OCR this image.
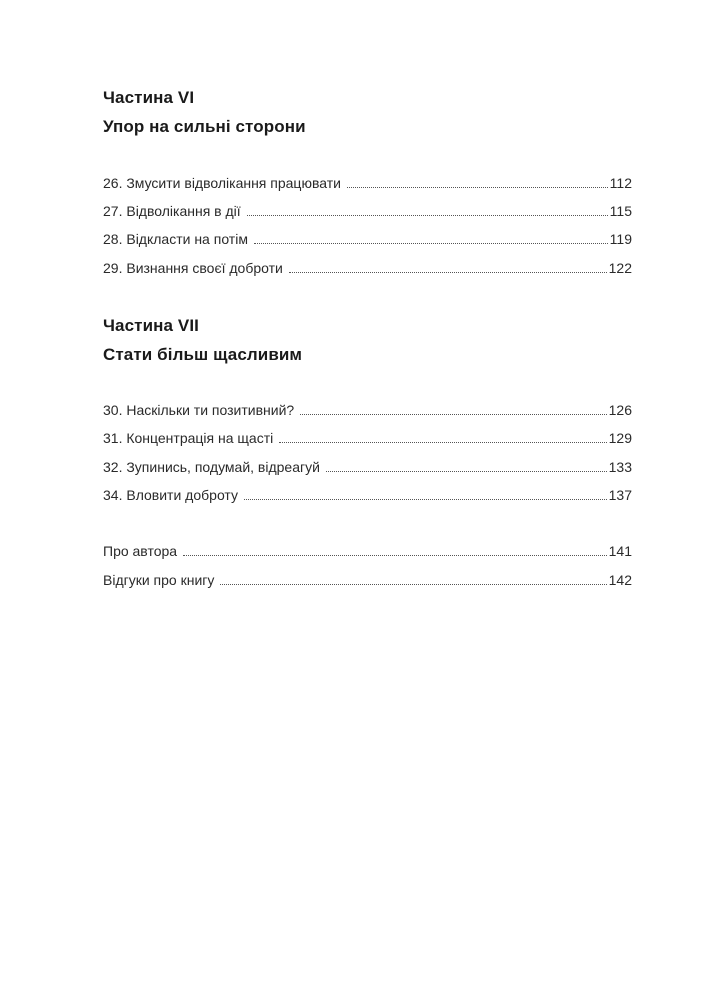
Частина VI
Упор на сильні сторони
26. Змусити відволікання працювати	112
27. Відволікання в дії	115
28. Відкласти на потім	119
29. Визнання своєї доброти	122
Частина VII
Стати більш щасливим
30. Наскільки ти позитивний?	126
31. Концентрація на щасті	129
32. Зупинись, подумай, відреагуй	133
34. Вловити доброту	137
Про автора	141
Відгуки про книгу	142
